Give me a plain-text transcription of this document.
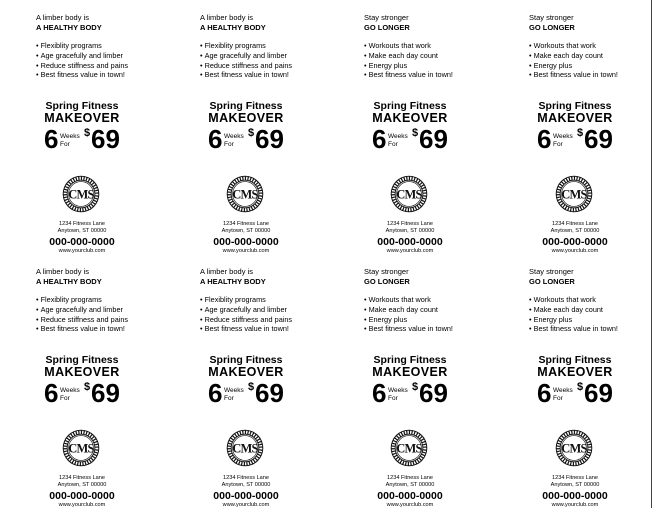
A limber body is
A HEALTHY BODY
• Flexiblity programs
• Age gracefully and limber
• Reduce stiffness and pains
• Best fitness value in town!
Spring Fitness
MAKEOVER
6 Weeks
For
$ 69
CMS
1234 Fitness Lane
Anytown, ST 00000
000-000-0000
www.yourclub.com
A limber body is
A HEALTHY BODY
• Flexiblity programs
• Age gracefully and limber
• Reduce stiffness and pains
• Best fitness value in town!
Spring Fitness
MAKEOVER
6 Weeks
For
$ 69
CMS
1234 Fitness Lane
Anytown, ST 00000
000-000-0000
www.yourclub.com
Stay stronger
GO LONGER
• Workouts that work
• Make each day count
• Energy plus
• Best fitness value in town!
Spring Fitness
MAKEOVER
6 Weeks
For
$ 69
CMS
1234 Fitness Lane
Anytown, ST 00000
000-000-0000
www.yourclub.com
Stay stronger
GO LONGER
• Workouts that work
• Make each day count
• Energy plus
• Best fitness value in town!
Spring Fitness
MAKEOVER
6 Weeks
For
$ 69
CMS
1234 Fitness Lane
Anytown, ST 00000
000-000-0000
www.yourclub.com
A limber body is
A HEALTHY BODY
• Flexiblity programs
• Age gracefully and limber
• Reduce stiffness and pains
• Best fitness value in town!
Spring Fitness
MAKEOVER
6 Weeks
For
$ 69
CMS
1234 Fitness Lane
Anytown, ST 00000
000-000-0000
www.yourclub.com
A limber body is
A HEALTHY BODY
• Flexiblity programs
• Age gracefully and limber
• Reduce stiffness and pains
• Best fitness value in town!
Spring Fitness
MAKEOVER
6 Weeks
For
$ 69
CMS
1234 Fitness Lane
Anytown, ST 00000
000-000-0000
www.yourclub.com
Stay stronger
GO LONGER
• Workouts that work
• Make each day count
• Energy plus
• Best fitness value in town!
Spring Fitness
MAKEOVER
6 Weeks
For
$ 69
CMS
1234 Fitness Lane
Anytown, ST 00000
000-000-0000
www.yourclub.com
Stay stronger
GO LONGER
• Workouts that work
• Make each day count
• Energy plus
• Best fitness value in town!
Spring Fitness
MAKEOVER
6 Weeks
For
$ 69
CMS
1234 Fitness Lane
Anytown, ST 00000
000-000-0000
www.yourclub.com
